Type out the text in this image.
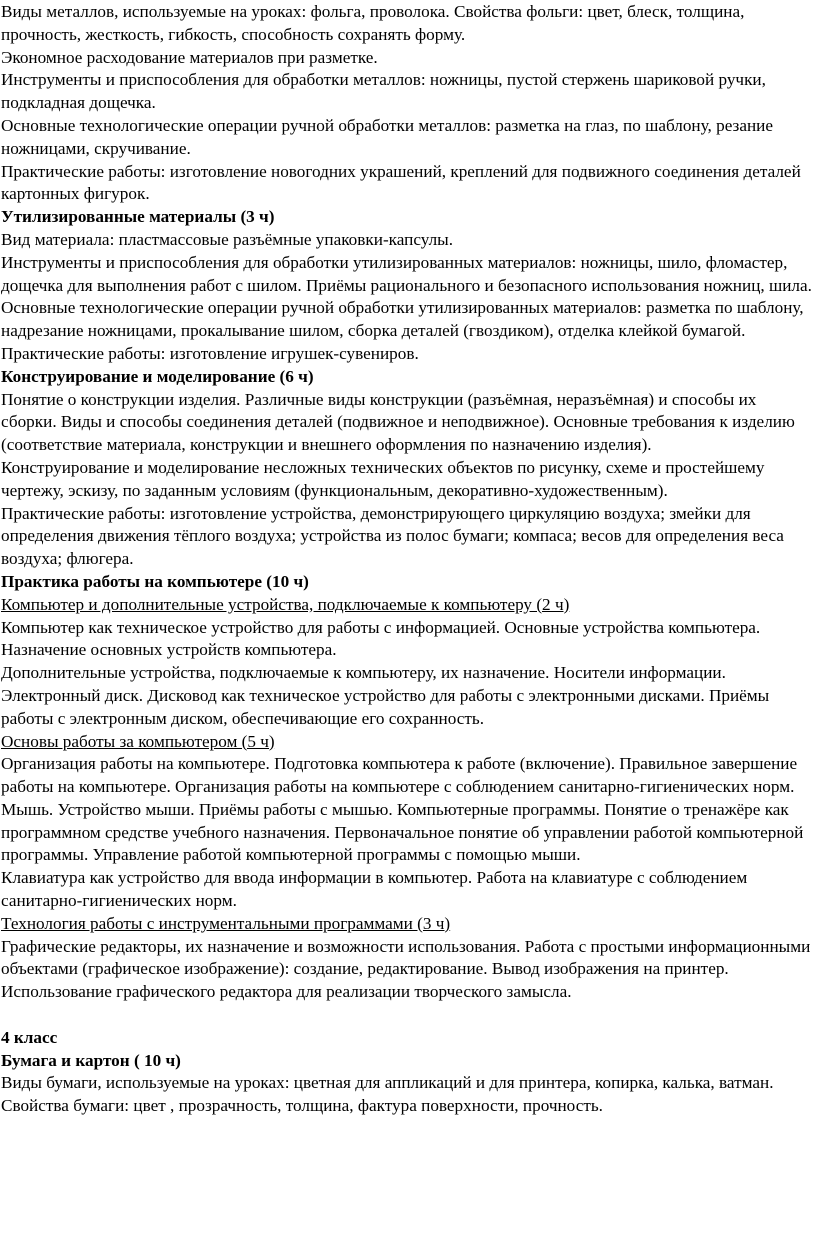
Виды металлов, используемые на уроках: фольга, проволока. Свойства фольги: цвет, блеск, толщина, прочность, жесткость, гибкость, способность сохранять форму.

Экономное расходование материалов при разметке.

Инструменты и приспособления для обработки металлов: ножницы, пустой стержень шариковой ручки, подкладная дощечка.

Основные технологические операции ручной обработки металлов: разметка на глаз, по шаблону, резание ножницами, скручивание.

Практические работы: изготовление новогодних украшений, креплений для подвижного соединения деталей картонных фигурок.

Утилизированные материалы (3 ч)

Вид материала: пластмассовые разъёмные упаковки-капсулы.

Инструменты и приспособления для обработки утилизированных материалов: ножницы, шило, фломастер, дощечка для выполнения работ с шилом. Приёмы рационального и безопасного использования ножниц, шила.

Основные технологические операции ручной обработки утилизированных материалов: разметка по шаблону, надрезание ножницами, прокалывание шилом, сборка деталей (гвоздиком), отделка клейкой бумагой.

Практические работы: изготовление игрушек-сувениров.

Конструирование и моделирование (6 ч)

Понятие о конструкции изделия. Различные виды конструкции (разъёмная, неразъёмная) и способы их сборки. Виды и способы соединения деталей (подвижное и неподвижное). Основные требования к изделию (соответствие материала, конструкции и внешнего оформления по назначению изделия).

Конструирование и моделирование несложных технических объектов по рисунку, схеме и простейшему чертежу, эскизу, по заданным условиям (функциональным, декоративно-художественным).

Практические работы: изготовление устройства, демонстрирующего циркуляцию воздуха; змейки для определения движения тёплого воздуха; устройства из полос бумаги; компаса; весов для определения веса воздуха; флюгера.

Практика работы на компьютере (10 ч)

Компьютер и дополнительные устройства, подключаемые к компьютеру (2 ч)

Компьютер как техническое устройство для работы с информацией. Основные устройства компьютера. Назначение основных устройств компьютера.

Дополнительные устройства, подключаемые к компьютеру, их назначение. Носители информации. Электронный диск. Дисковод как техническое устройство для работы с электронными дисками. Приёмы работы с электронным диском, обеспечивающие его сохранность.

Основы работы за компьютером (5 ч)

Организация работы на компьютере. Подготовка компьютера к работе (включение). Правильное завершение работы на компьютере. Организация работы на компьютере с соблюдением санитарно-гигиенических норм.

Мышь. Устройство мыши. Приёмы работы с мышью. Компьютерные программы. Понятие о тренажёре как программном средстве учебного назначения. Первоначальное понятие об управлении работой компьютерной программы. Управление работой компьютерной программы с помощью мыши.

Клавиатура как устройство для ввода информации в компьютер. Работа на клавиатуре с соблюдением санитарно-гигиенических норм.

Технология работы с инструментальными программами (3 ч)

Графические редакторы, их назначение и возможности использования. Работа с простыми информационными объектами (графическое изображение): создание, редактирование. Вывод изображения на принтер. Использование графического редактора для реализации творческого замысла.

4 класс

Бумага и картон ( 10 ч)

Виды бумаги, используемые на уроках: цветная для аппликаций и для принтера, копирка, калька, ватман. Свойства бумаги: цвет , прозрачность, толщина, фактура поверхности, прочность.
